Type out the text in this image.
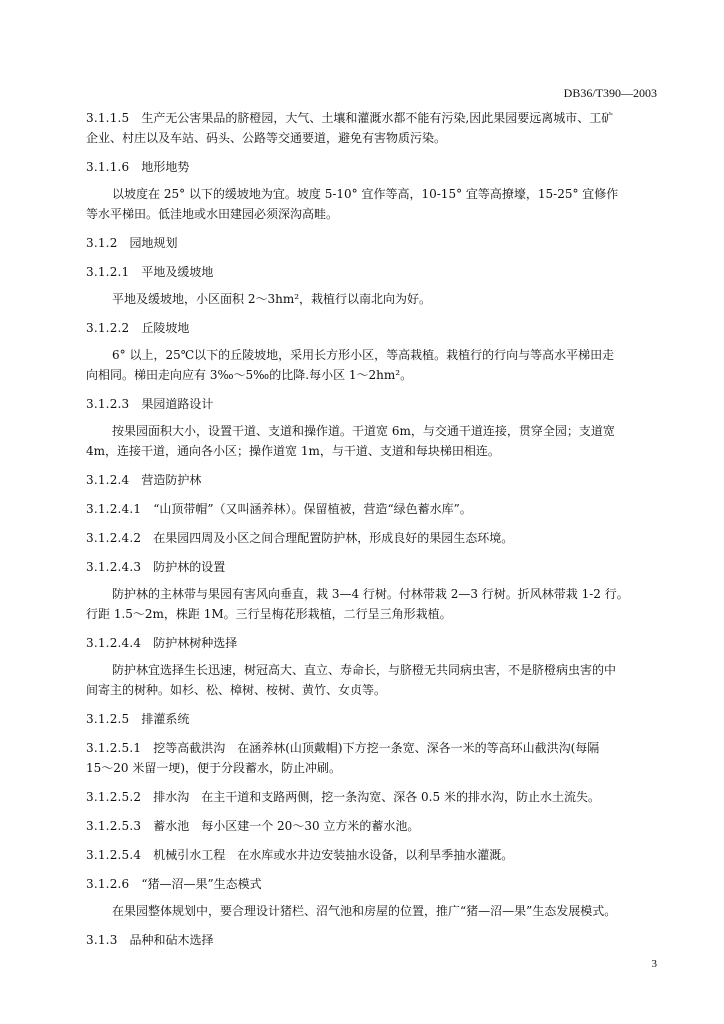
DB36/T390—2003
3.1.1.5 生产无公害果品的脐橙园，大气、土壤和灌溉水都不能有污染,因此果园要远离城市、工矿
企业、村庄以及车站、码头、公路等交通要道，避免有害物质污染。
3.1.1.6 地形地势
以坡度在 25° 以下的缓坡地为宜。坡度 5-10° 宜作等高，10-15° 宜等高撩壕，15-25° 宜修作
等水平梯田。低洼地或水田建园必须深沟高畦。
3.1.2 园地规划
3.1.2.1 平地及缓坡地
平地及缓坡地，小区面积 2～3hm²，栽植行以南北向为好。
3.1.2.2 丘陵坡地
6° 以上，25℃以下的丘陵坡地，采用长方形小区，等高栽植。栽植行的行向与等高水平梯田走
向相同。梯田走向应有 3‰～5‰的比降.每小区 1～2hm²。
3.1.2.3 果园道路设计
按果园面积大小，设置干道、支道和操作道。干道宽 6m，与交通干道连接，贯穿全园；支道宽
4m，连接干道，通向各小区；操作道宽 1m，与干道、支道和每块梯田相连。
3.1.2.4 营造防护林
3.1.2.4.1 “山顶带帽”（又叫涵养林）。保留植被，营造“绿色蓄水库”。
3.1.2.4.2 在果园四周及小区之间合理配置防护林，形成良好的果园生态环境。
3.1.2.4.3 防护林的设置
防护林的主林带与果园有害风向垂直，栽 3—4 行树。付林带栽 2—3 行树。折风林带栽 1-2 行。
行距 1.5～2m，株距 1M。三行呈梅花形栽植，二行呈三角形栽植。
3.1.2.4.4 防护林树种选择
防护林宜选择生长迅速，树冠高大、直立、寿命长，与脐橙无共同病虫害，不是脐橙病虫害的中
间寄主的树种。如杉、松、樟树、桉树、黄竹、女贞等。
3.1.2.5 排灌系统
3.1.2.5.1 挖等高截洪沟　在涵养林(山顶戴帽)下方挖一条宽、深各一米的等高环山截洪沟(每隔
15～20 米留一埂)，便于分段蓄水，防止冲刷。
3.1.2.5.2 排水沟　在主干道和支路两侧，挖一条沟宽、深各 0.5 米的排水沟，防止水土流失。
3.1.2.5.3 蓄水池　每小区建一个 20～30 立方米的蓄水池。
3.1.2.5.4 机械引水工程　在水库或水井边安装抽水设备，以利旱季抽水灌溉。
3.1.2.6 “猪—沼—果”生态模式
在果园整体规划中，要合理设计猪栏、沼气池和房屋的位置，推广“猪—沼—果”生态发展模式。
3.1.3 品种和砧木选择
3
